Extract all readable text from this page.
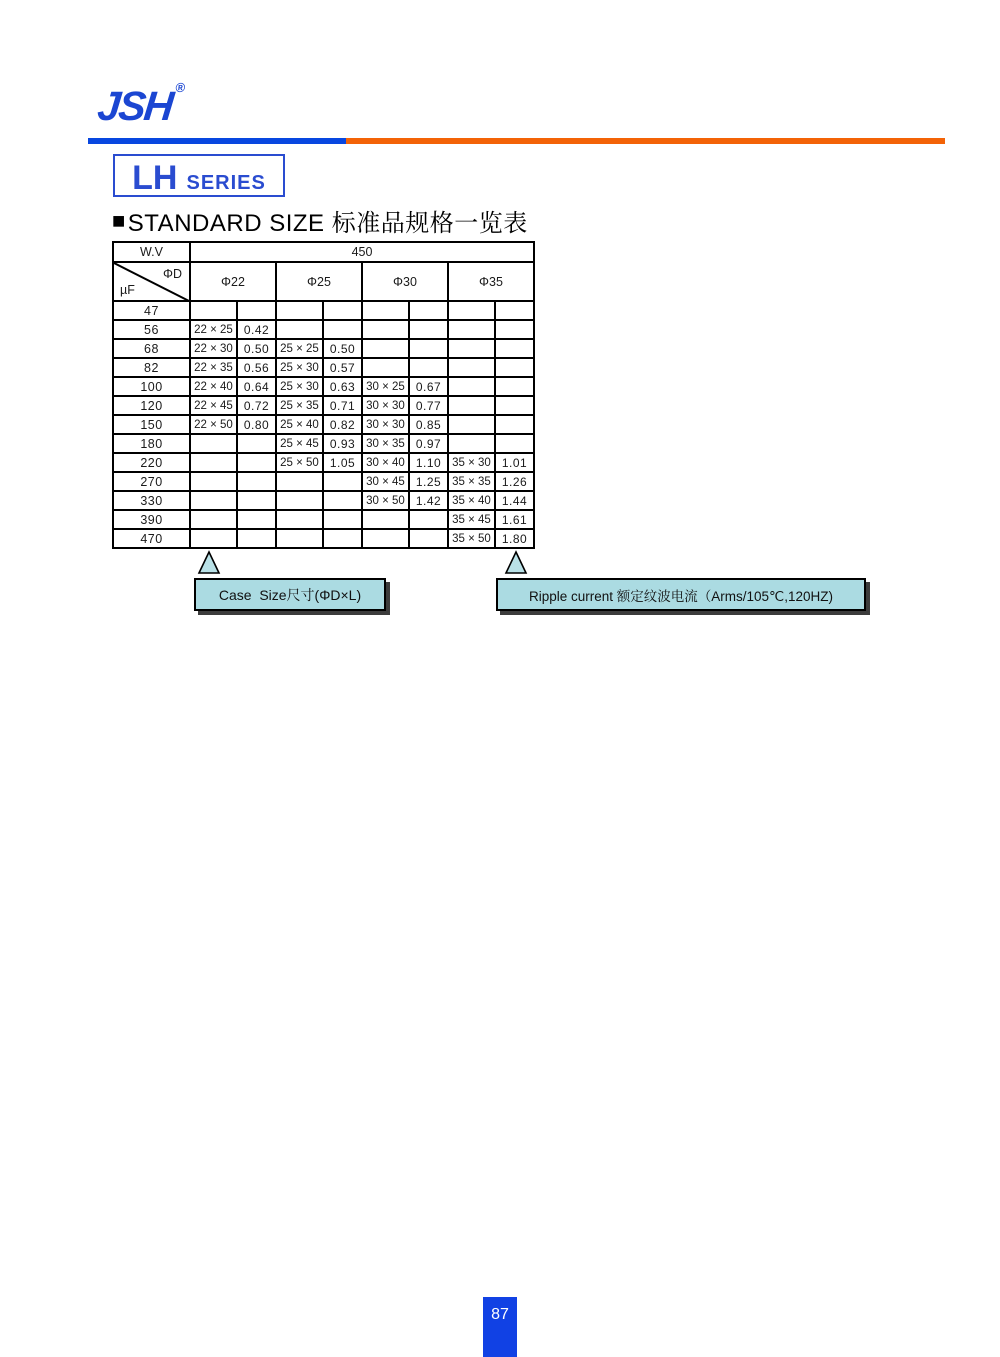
JSH®
LH SERIES
■ STANDARD SIZE 标准品规格一览表
W.V	450							

ΦD
µF	Φ22		Φ25		Φ30		Φ35	
47								
56	22 × 25	0.42						
68	22 × 30	0.50	25 × 25	0.50				
82	22 × 35	0.56	25 × 30	0.57				
100	22 × 40	0.64	25 × 30	0.63	30 × 25	0.67		
120	22 × 45	0.72	25 × 35	0.71	30 × 30	0.77		
150	22 × 50	0.80	25 × 40	0.82	30 × 30	0.85		
180			25 × 45	0.93	30 × 35	0.97		
220			25 × 50	1.05	30 × 40	1.10	35 × 30	1.01
270					30 × 45	1.25	35 × 35	1.26
330					30 × 50	1.42	35 × 40	1.44
390							35 × 45	1.61
470							35 × 50	1.80
Case  Size尺寸(ΦD×L)	Ripple current 额定纹波电流（Arms/105℃,120HZ)
87
